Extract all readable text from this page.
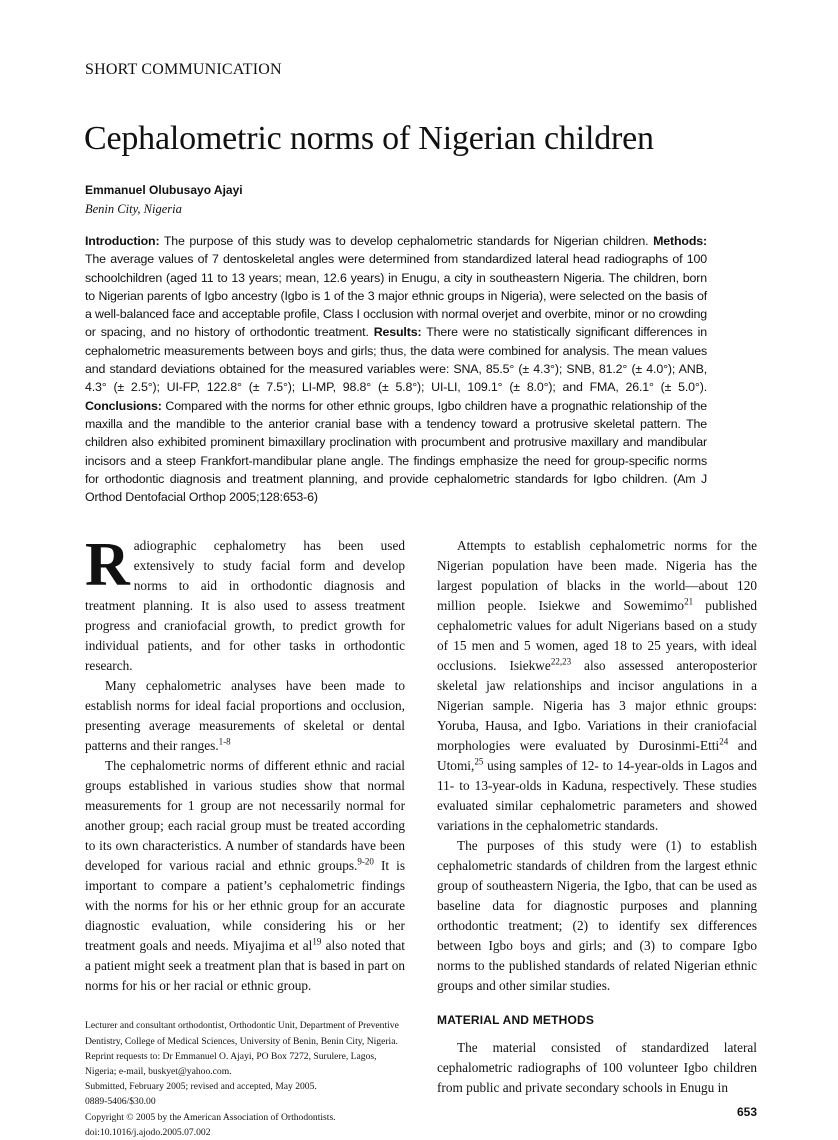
SHORT COMMUNICATION
Cephalometric norms of Nigerian children
Emmanuel Olubusayo Ajayi
Benin City, Nigeria
Introduction: The purpose of this study was to develop cephalometric standards for Nigerian children. Methods: The average values of 7 dentoskeletal angles were determined from standardized lateral head radiographs of 100 schoolchildren (aged 11 to 13 years; mean, 12.6 years) in Enugu, a city in southeastern Nigeria. The children, born to Nigerian parents of Igbo ancestry (Igbo is 1 of the 3 major ethnic groups in Nigeria), were selected on the basis of a well-balanced face and acceptable profile, Class I occlusion with normal overjet and overbite, minor or no crowding or spacing, and no history of orthodontic treatment. Results: There were no statistically significant differences in cephalometric measurements between boys and girls; thus, the data were combined for analysis. The mean values and standard deviations obtained for the measured variables were: SNA, 85.5° (± 4.3°); SNB, 81.2° (± 4.0°); ANB, 4.3° (± 2.5°); UI-FP, 122.8° (± 7.5°); LI-MP, 98.8° (± 5.8°); UI-LI, 109.1° (± 8.0°); and FMA, 26.1° (± 5.0°). Conclusions: Compared with the norms for other ethnic groups, Igbo children have a prognathic relationship of the maxilla and the mandible to the anterior cranial base with a tendency toward a protrusive skeletal pattern. The children also exhibited prominent bimaxillary proclination with procumbent and protrusive maxillary and mandibular incisors and a steep Frankfort-mandibular plane angle. The findings emphasize the need for group-specific norms for orthodontic diagnosis and treatment planning, and provide cephalometric standards for Igbo children. (Am J Orthod Dentofacial Orthop 2005;128:653-6)

Radiographic cephalometry has been used extensively to study facial form and develop norms to aid in orthodontic diagnosis and treatment planning. It is also used to assess treatment progress and craniofacial growth, to predict growth for individual patients, and for other tasks in orthodontic research.

Many cephalometric analyses have been made to establish norms for ideal facial proportions and occlusion, presenting average measurements of skeletal or dental patterns and their ranges.$^{1-8}$

The cephalometric norms of different ethnic and racial groups established in various studies show that normal measurements for 1 group are not necessarily normal for another group; each racial group must be treated according to its own characteristics. A number of standards have been developed for various racial and ethnic groups.$^{9-20}$ It is important to compare a patient’s cephalometric findings with the norms for his or her ethnic group for an accurate diagnostic evaluation, while considering his or her treatment goals and needs. Miyajima et $al^{19}$ also noted that a patient might seek a treatment plan that is based in part on norms for his or her racial or ethnic group.

Lecturer and consultant orthodontist, Orthodontic Unit, Department of Preventive
Dentistry, College of Medical Sciences, University of Benin, Benin City, Nigeria.
Reprint requests to: Dr Emmanuel O. Ajayi, PO Box 7272, Surulere, Lagos,
Nigeria; e-mail, buskyet@yahoo.com.
Submitted, February 2005; revised and accepted, May 2005.
0889-5406/$30.00
Copyright © 2005 by the American Association of Orthodontists.
doi:10.1016/j.ajodo.2005.07.002

Attempts to establish cephalometric norms for the Nigerian population have been made. Nigeria has the largest population of blacks in the world—about 120 million people. Isiekwe and Sowemimo$^{21}$ published cephalometric values for adult Nigerians based on a study of 15 men and 5 women, aged 18 to 25 years, with ideal occlusions. Isiekwe$^{22,23}$ also assessed anteroposterior skeletal jaw relationships and incisor angulations in a Nigerian sample. Nigeria has 3 major ethnic groups: Yoruba, Hausa, and Igbo. Variations in their craniofacial morphologies were evaluated by Durosinmi-Etti$^{24}$ and Utomi,$^{25}$ using samples of 12- to 14-year-olds in Lagos and 11- to 13-year-olds in Kaduna, respectively. These studies evaluated similar cephalometric parameters and showed variations in the cephalometric standards.

The purposes of this study were (1) to establish cephalometric standards of children from the largest ethnic group of southeastern Nigeria, the Igbo, that can be used as baseline data for diagnostic purposes and planning orthodontic treatment; (2) to identify sex differences between Igbo boys and girls; and (3) to compare Igbo norms to the published standards of related Nigerian ethnic groups and other similar studies.

MATERIAL AND METHODS

The material consisted of standardized lateral cephalometric radiographs of 100 volunteer Igbo children from public and private secondary schools in Enugu in

653
